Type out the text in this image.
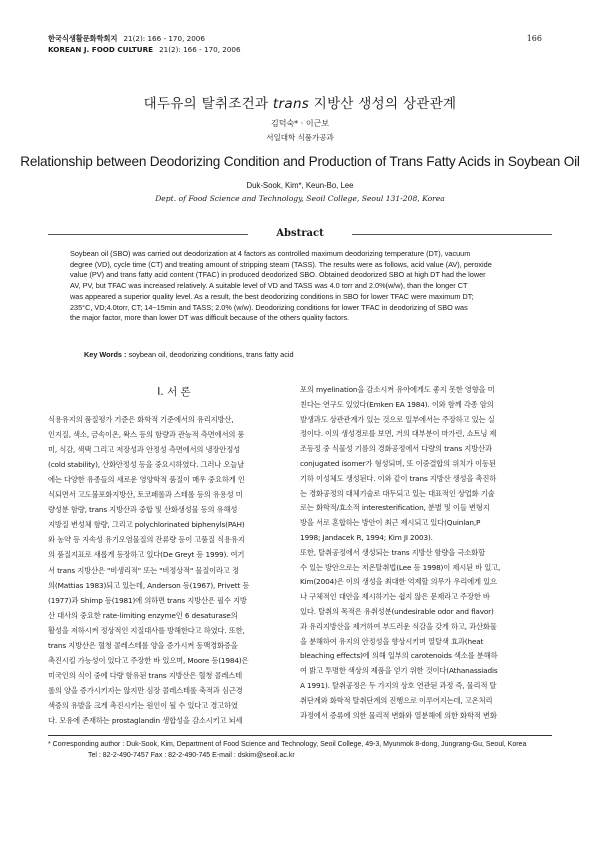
한국식생활문화학회지 21(2): 166 - 170, 2006
KOREAN J. FOOD CULTURE 21(2): 166 - 170, 2006
166
대두유의 탈취조건과 trans 지방산 생성의 상관관계
김덕숙* · 이근보
서일대학 식품가공과
Relationship between Deodorizing Condition and Production of Trans Fatty Acids in Soybean Oil
Duk-Sook, Kim*, Keun-Bo, Lee
Dept. of Food Science and Technology, Seoil College, Seoul 131-208, Korea
Abstract
Soybean oil (SBO) was carried out deodorization at 4 factors as controlled maximum deodorizing temperature (DT), vacuum
degree (VD), cycle time (CT) and treating amount of stripping steam (TASS). The results were as follows, acid value (AV), peroxide
value (PV) and trans fatty acid content (TFAC) in produced deodorized SBO. Obtained deodorized SBO at high DT had the lower
AV, PV, but TFAC was increased relatively. A suitable level of VD and TASS was 4.0 torr and 2.0%(w/w), than the longer CT
was appeared a superior quality level. As a result, the best deodorizing conditions in SBO for lower TFAC were maximum DT;
235°C, VD;4.0torr, CT; 14~15min and TASS; 2.0% (w/w). Deodorizing conditions for lower TFAC in deodorizing of SBO was
the major factor, more than lower DT was difficult because of the others quality factors.
Key Words : soybean oil, deodorizing conditions, trans fatty acid
I. 서 론
식용유지의 품질평가 기준은 화학적 기준에서의 유리지방산,
인지질, 색소, 금속이온, 왁스 등의 함량과 관능적 측면에서의 풍
미, 식감, 색택 그리고 저장성과 안정성 측면에서의 냉장안정성
(cold stability), 산화안정성 등을 중요시하였다. 그러나 오늘날
에는 다양한 유종들의 새로운 영양학적 품질이 매우 중요하게 인
식되면서 고도불포화지방산, 토코페롤과 스테롤 등의 유용성 미
량성분 함량, trans 지방산과 중합 및 산화생성물 등의 유해성
지방질 변성체 함량, 그리고 polychlorinated biphenyls(PAH)
와 농약 등 지속성 유기오염물질의 잔류량 등이 고품질 식용유지
의 품질지표로 새롭게 등장하고 있다(De Greyt 등 1999). 여기
서 trans 지방산은 "비생리적" 또는 "비정상적" 물질이라고 정
의(Mattias 1983)되고 있는데, Anderson 등(1967), Privett 등
(1977)과 Shimp 등(1981)에 의하면 trans 지방산은 필수 지방
산 대사의 중요한 rate-limiting enzyme인 6 desaturase의
활성을 저하시켜 정상적인 지질대사를 방해한다고 하였다. 또한,
trans 지방산은 혈청 콜레스테롤 양을 증가시켜 동맥경화증을
촉진시킬 가능성이 있다고 주장한 바 있으며, Moore 등(1984)은
미국인의 식이 중에 다량 함유된 trans 지방산은 혈청 콜레스테
롤의 양을 증가시키지는 않지만 심장 콜레스테롤 축적과 심근경
색증의 유발을 크게 촉진시키는 원인이 될 수 있다고 경고하였
다. 모유에 존재하는 prostaglandin 생합성을 감소시키고 뇌세
포의 myelination을 감소시켜 유아에게도 좋지 못한 영향을 미
친다는 연구도 있었다(Emken EA 1984). 이와 함께 각종 암의
발생과도 상관관계가 있는 것으로 일부에서는 주장하고 있는 실
정이다. 이의 생성경로를 보면, 거의 대부분이 마가린, 쇼트닝 제
조등정 중 식물성 기름의 경화공정에서 다량의 trans 지방산과
conjugated isomer가 형성되며, 또 이중결합의 위치가 이동된
기하 이성체도 생성된다. 이와 같이 trans 지방산 생성을 촉진하
는 경화공정의 대체기술로 대두되고 있는 대표적인 상업화 기술
로는 화학적/효소적 interesterification, 분별 및 이들 변형지
방을 서로 혼합하는 방안이 최근 제시되고 있다(Quinlan,P
1998; Jandacek R, 1994; Kim JI 2003).
또한, 탈취공정에서 생성되는 trans 지방산 함량을 극소화할
수 있는 방안으로는 저온탈취법(Lee 등 1998)이 제시된 바 있고,
Kim(2004)은 이의 생성을 최대한 억제할 의무가 우리에게 있으
나 구체적인 대안을 제시하기는 쉽지 않은 문제라고 주장한 바
있다. 탈취의 목적은 유취성분(undesirable odor and flavor)
과 유리지방산을 제거하여 부드러운 식감을 갖게 하고, 과산화물
을 분해하여 유지의 안정성을 향상시키며 열탈색 효과(heat
bleaching effects)에 의해 일부의 carotenoids 색소를 분해하
여 밝고 투명한 색상의 제품을 얻기 위한 것이다(Athanassiadis
A 1991). 탈취공정은 두 가지의 상호 연관된 과정 즉, 물리적 탈
취단계와 화학적 탈취단계의 진행으로 이루어지는데, 고온처리
과정에서 증류에 의한 물리적 변화와 열분해에 의한 화학적 변화
* Corresponding author : Duk-Sook, Kim, Department of Food Science and Technology, Seoil College, 49-3, Myunmok 8-dong, Jungrang-Gu, Seoul, Korea
Tel : 82-2-490-7457 Fax : 82-2-490-745 E-mail : dskim@seoil.ac.kr
